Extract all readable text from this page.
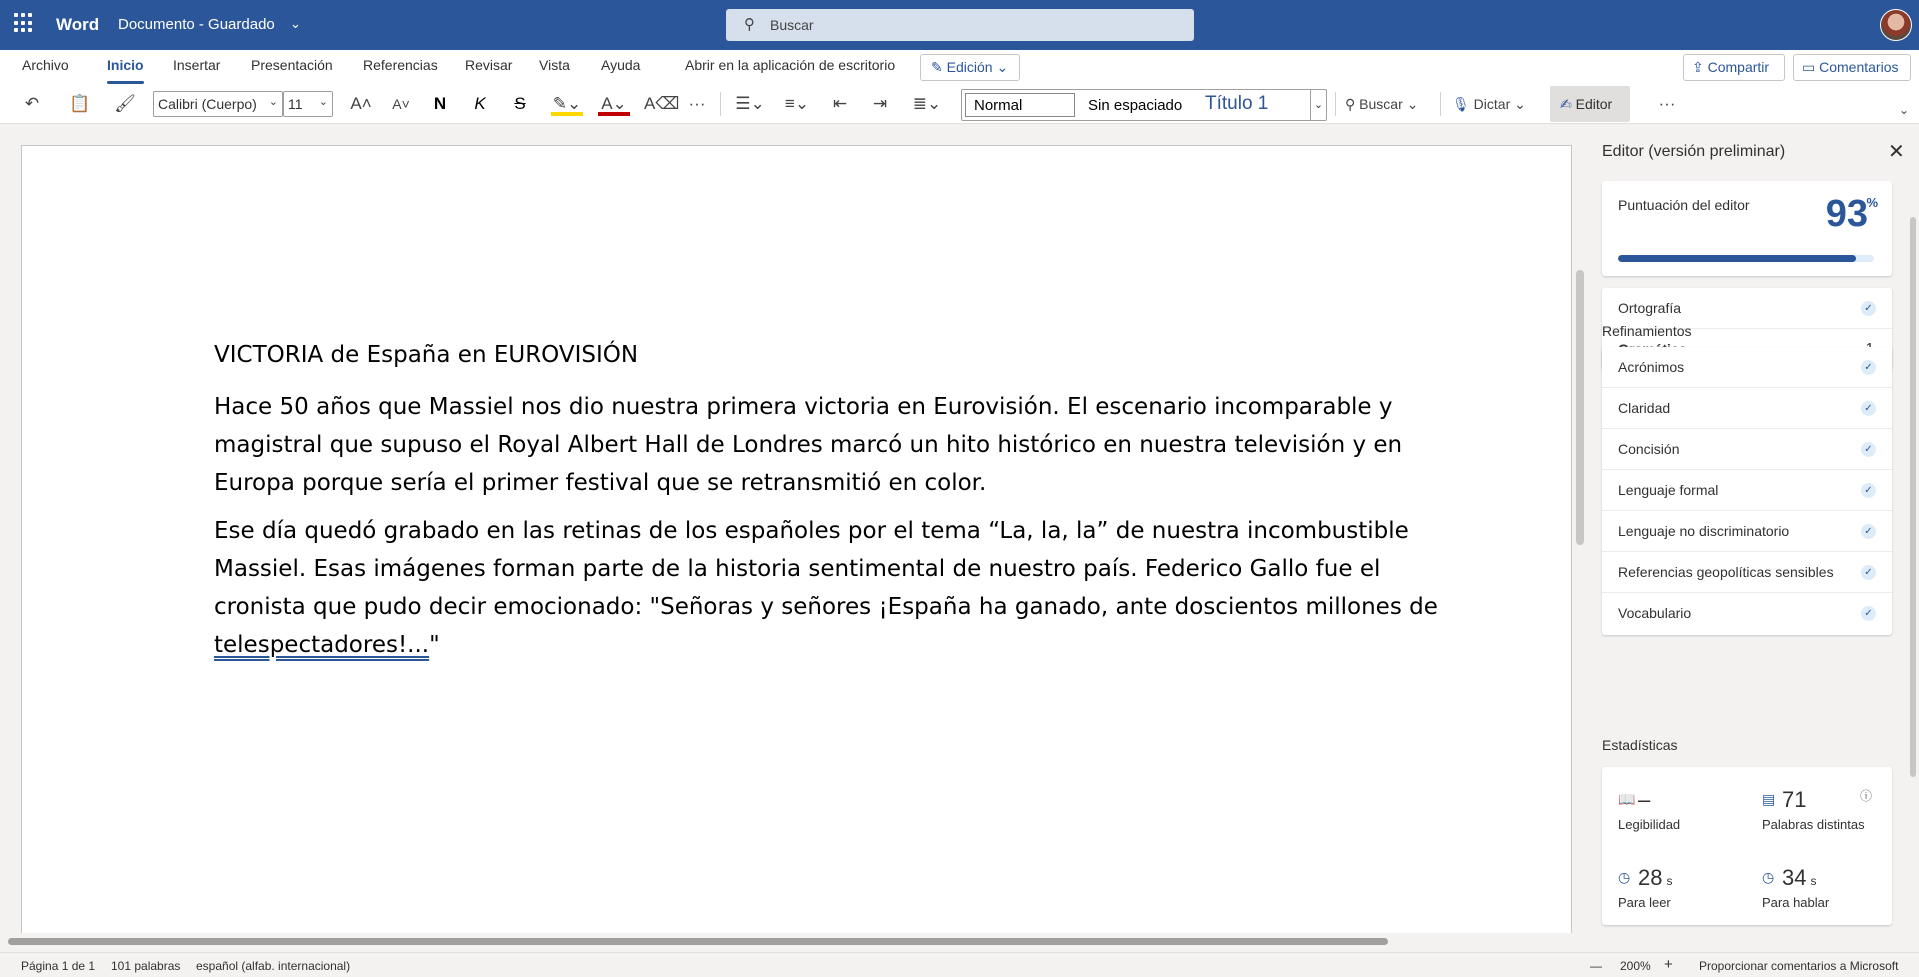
Word Documento - Guardado ⌄	⚲ Buscar
Archivo	Inicio Insertar Presentación Referencias Revisar Vista Ayuda	Abrir en la aplicación de escritorio	✎ Edición ⌄	⇪ Compartir	▭ Comentarios
↶	📋	🖌	Calibri (Cuerpo) ⌄ 11 ⌄ A˄ A˅ N K S ✎⌄ A⌄ A⌫ ··· ☰⌄ ≡⌄ ⇤ ⇥ ≣⌄	Normal	Sin espaciado Título 1	⌄ ⚲ Buscar ⌄	🎙 Dictar ⌄	✍ Editor	···	⌄
VICTORIA de España en EUROVISIÓN

Hace 50 años que Massiel nos dio nuestra primera victoria en Eurovisión. El escenario incomparable y magistral que supuso el Royal Albert Hall de Londres marcó un hito histórico en nuestra televisión y en Europa porque sería el primer festival que se retransmitió en color.

Ese día quedó grabado en las retinas de los españoles por el tema “La, la, la” de nuestra incombustible Massiel. Esas imágenes forman parte de la historia sentimental de nuestro país. Federico Gallo fue el cronista que pudo decir emocionado: "Señoras y señores ¡España ha ganado, ante doscientos millones de telespectadores!..."

Editor (versión preliminar)	✕
Puntuación del editor 93
%
Ortografía	✓
Refinamientos
Acrónimos	✓
Claridad	✓
Concisión	✓
Lenguaje formal	✓
Lenguaje no discriminatorio	✓
Referencias geopolíticas sensibles	✓
Vocabulario	✓
Estadísticas
📖 –
Legibilidad
▤ 71
Palabras distintas
ⓘ
◷ 28 s
Para leer
◷ 34 s
Para hablar
Página 1 de 1 101 palabras español (alfab. internacional)	— 200% + Proporcionar comentarios a Microsoft
